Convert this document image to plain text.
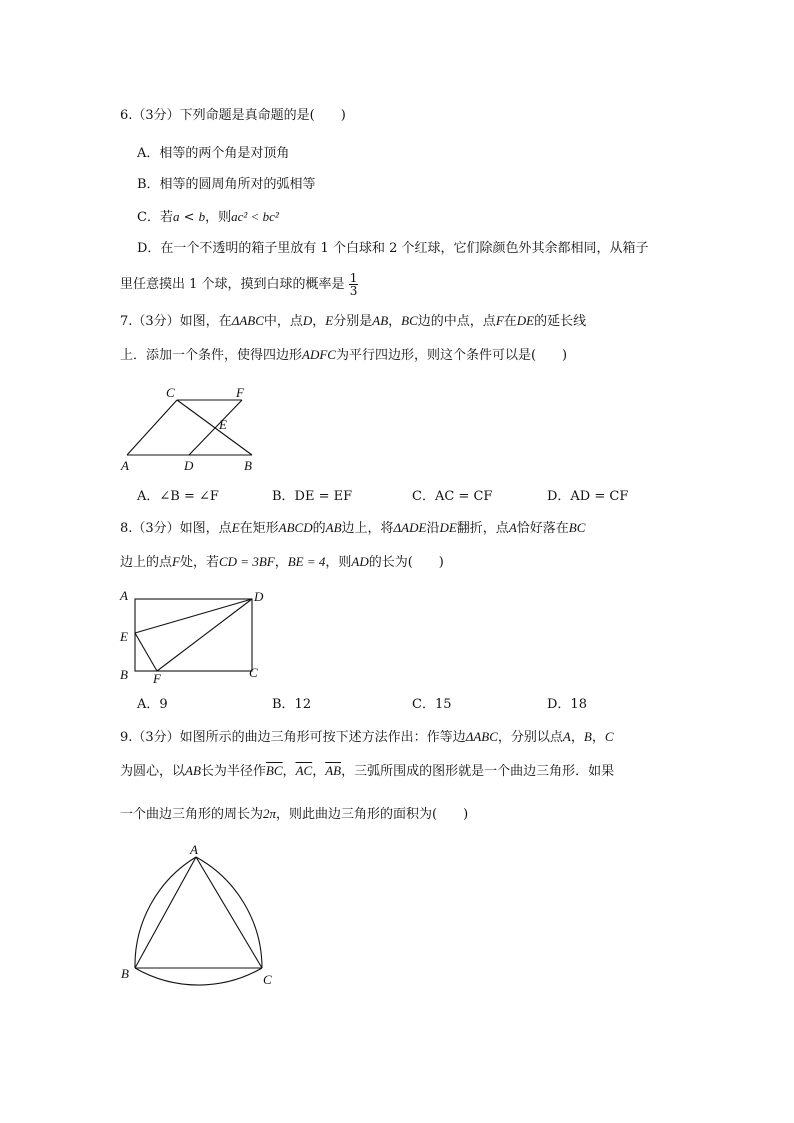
6.（3分）下列命题是真命题的是(　　)
A．相等的两个角是对顶角
B．相等的圆周角所对的弧相等
C．若a < b，则ac² < bc²
D．在一个不透明的箱子里放有 1 个白球和 2 个红球，它们除颜色外其余都相同，从箱子
里任意摸出 1 个球，摸到白球的概率是 $\frac{1}{3}$
7.（3分）如图，在ΔABC中，点D，E分别是AB，BC边的中点，点F在DE的延长线
上．添加一个条件，使得四边形ADFC为平行四边形，则这个条件可以是(　　)
C	F
E
A	D	B
A．∠B = ∠F	B．DE = EF	C．AC = CF	D．AD = CF
8.（3分）如图，点E在矩形ABCD的AB边上，将ΔADE沿DE翻折，点A恰好落在BC
边上的点F处，若CD = 3BF，BE = 4，则AD的长为(　　)
A	D
E
B F	C
A．9	B．12	C．15	D．18
9.（3分）如图所示的曲边三角形可按下述方法作出：作等边ΔABC，分别以点A，B，C
为圆心，以AB长为半径作$\overline{BC}$，$\overline{AC}$，$\overline{AB}$，三弧所围成的图形就是一个曲边三角形．如果
一个曲边三角形的周长为2π，则此曲边三角形的面积为(　　)
A
B	C
